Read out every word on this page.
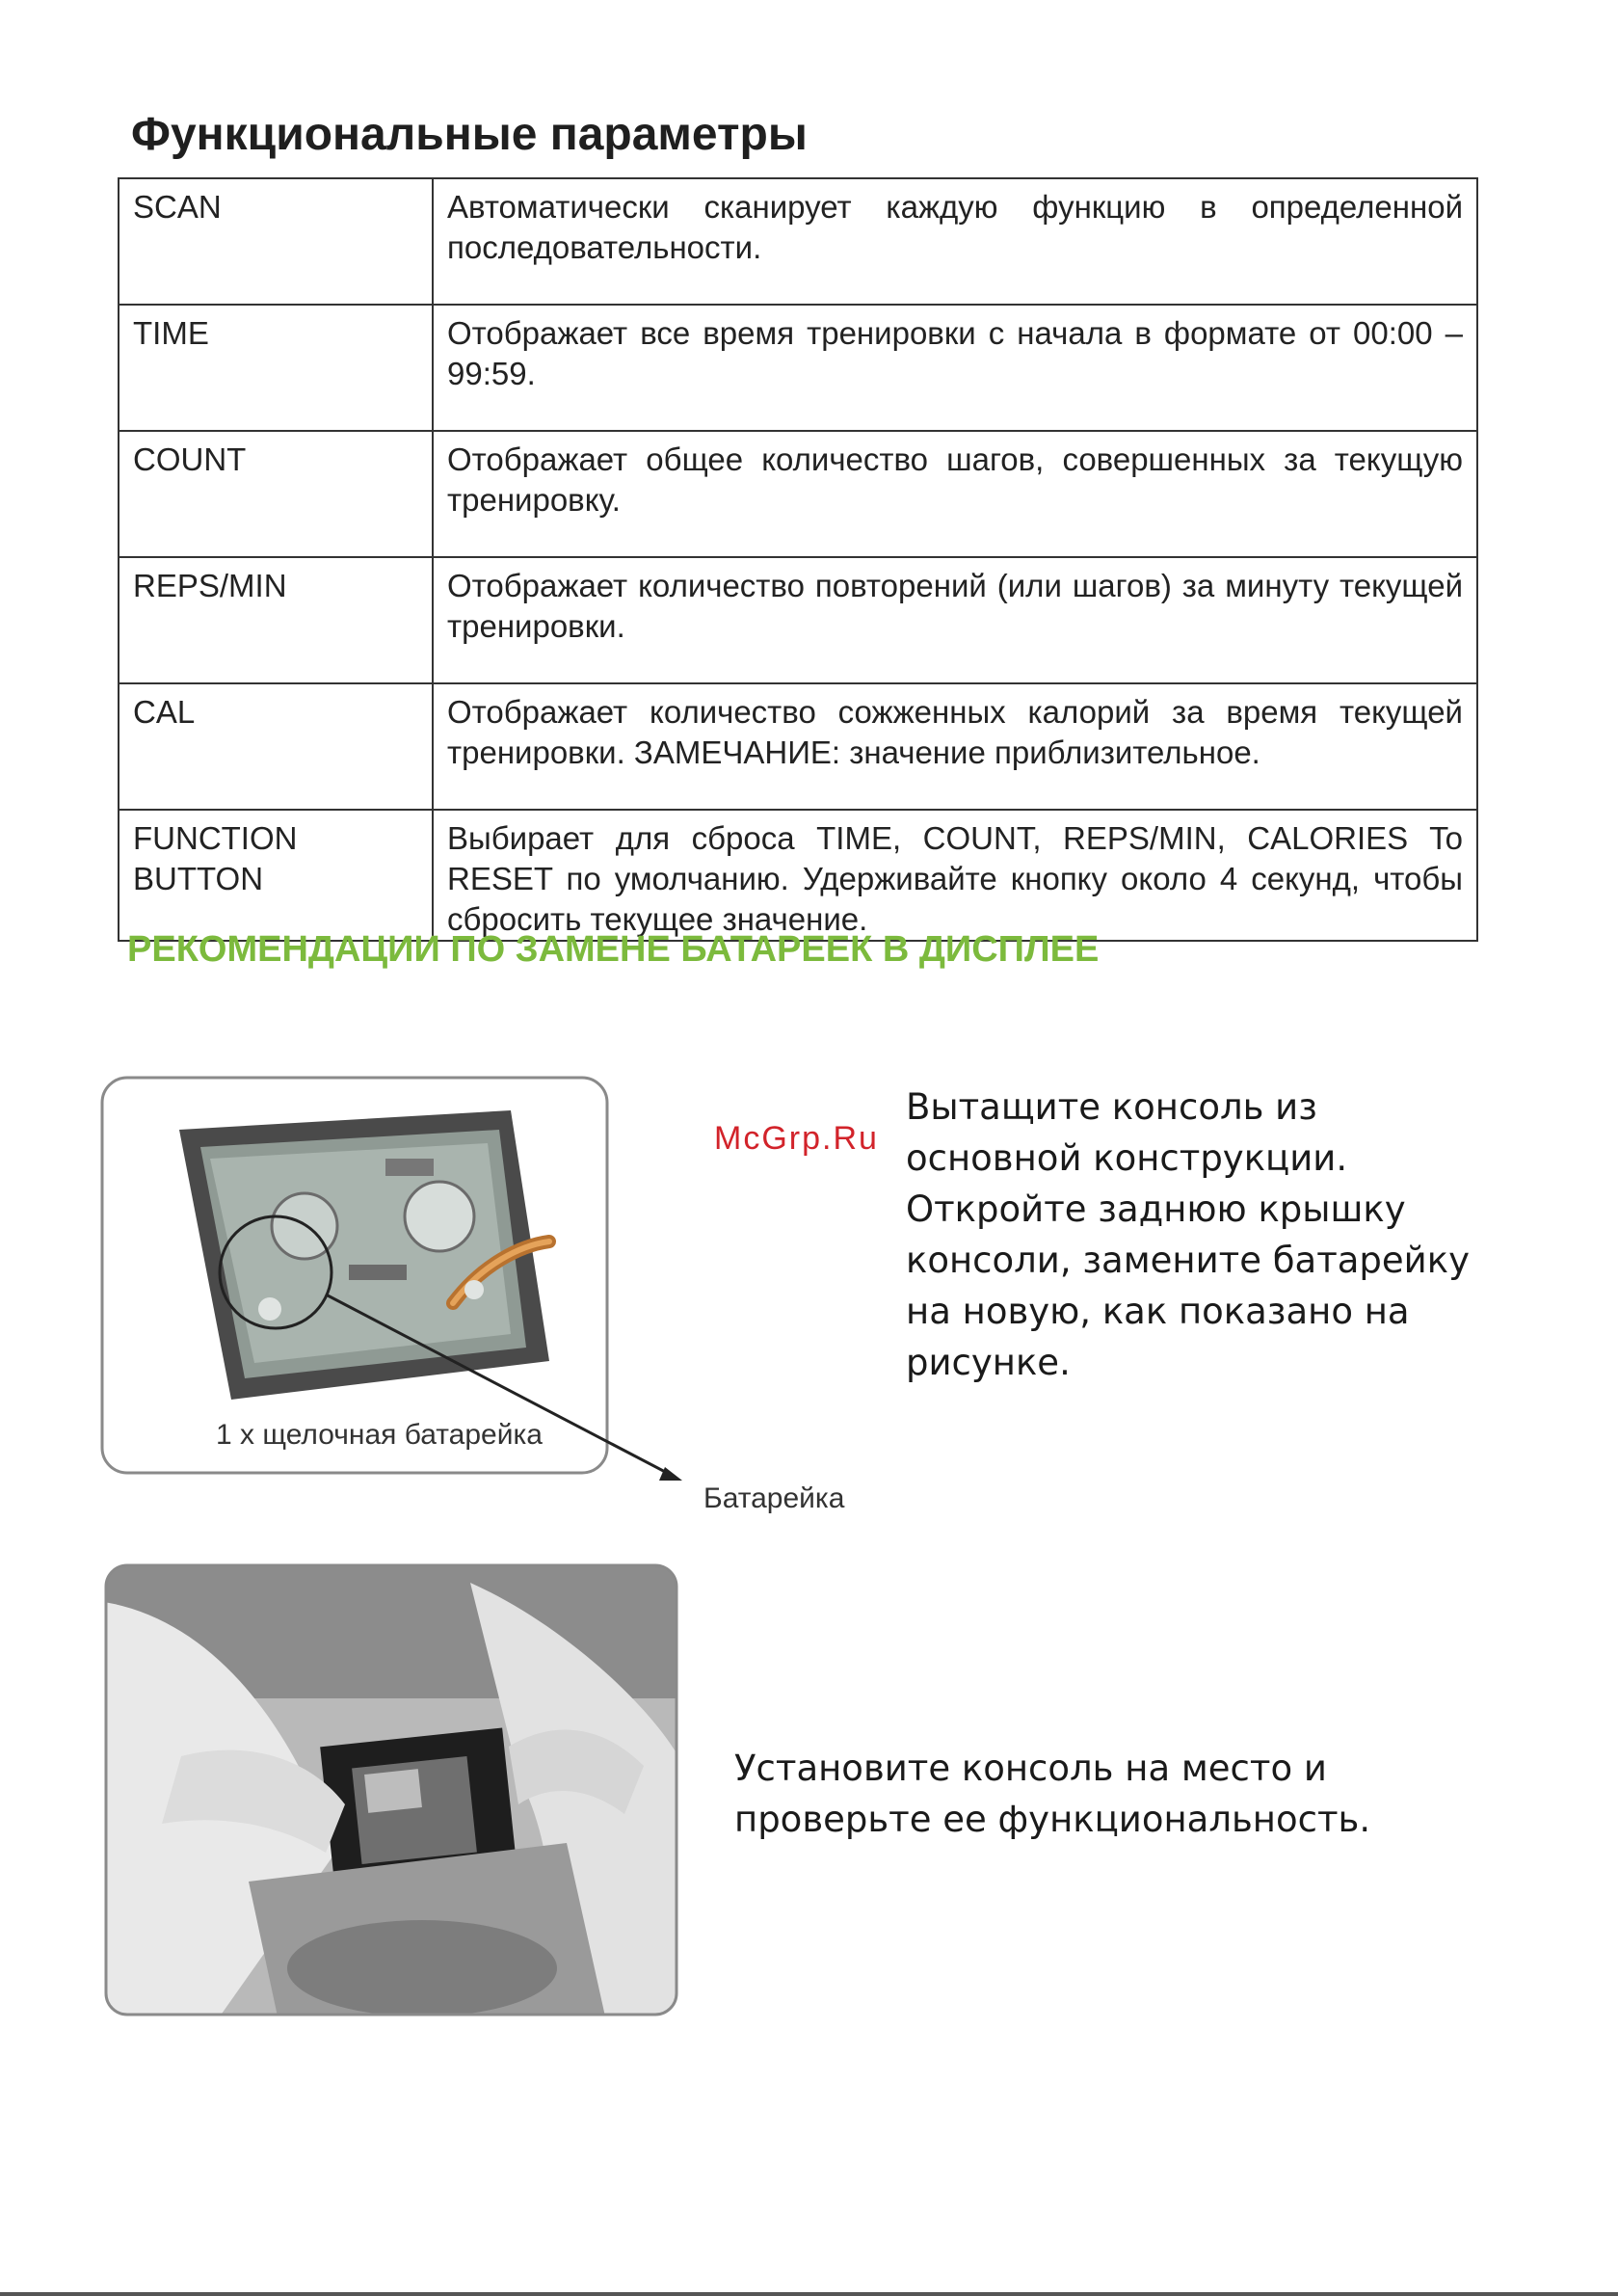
Функциональные параметры
SCAN	Автоматически сканирует каждую функцию в определенной последовательности.
TIME	Отображает все время тренировки с начала в формате от 00:00 – 99:59.
COUNT	Отображает общее количество шагов, совершенных за текущую тренировку.
REPS/MIN	Отображает количество повторений (или шагов) за минуту текущей тренировки.
CAL	Отображает количество сожженных калорий за время текущей тренировки. ЗАМЕЧАНИЕ: значение приблизительное.

FUNCTION BUTTON	Выбирает для сброса TIME, COUNT, REPS/MIN, CALORIES To RESET по умолчанию. Удерживайте кнопку около 4 секунд, чтобы сбросить текущее значение.
РЕКОМЕНДАЦИИ ПО ЗАМЕНЕ БАТАРЕЕК В ДИСПЛЕЕ
1 х щелочная батарейка
Батарейка
McGrp.Ru

Вытащите консоль из основной конструкции. Откройте заднюю крышку консоли, замените батарейку на новую, как показано на рисунке.

Установите консоль на место и проверьте ее функциональность.
